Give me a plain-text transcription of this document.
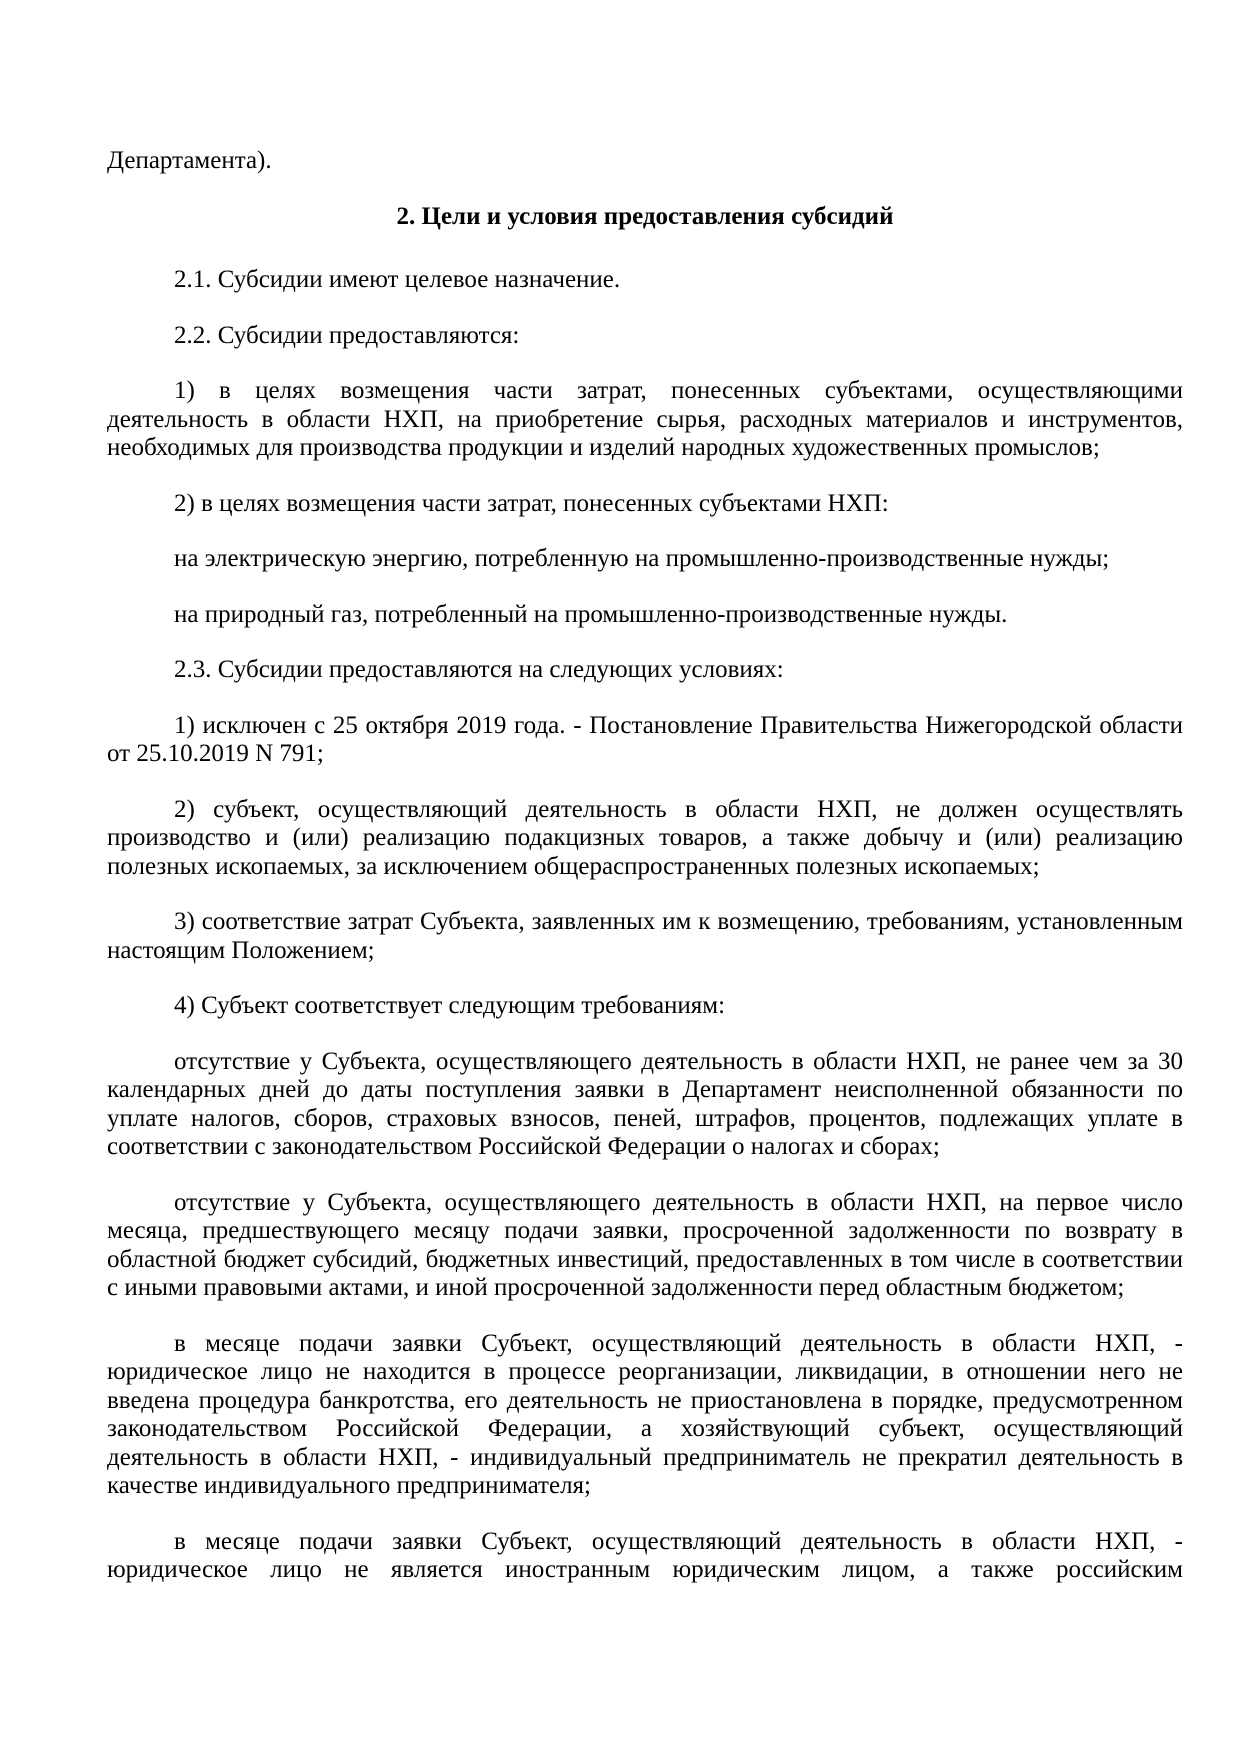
Департамента).

2. Цели и условия предоставления субсидий

2.1. Субсидии имеют целевое назначение.

2.2. Субсидии предоставляются:

1) в целях возмещения части затрат, понесенных субъектами, осуществляющими деятельность в области НХП, на приобретение сырья, расходных материалов и инструментов, необходимых для производства продукции и изделий народных художественных промыслов;

2) в целях возмещения части затрат, понесенных субъектами НХП:

на электрическую энергию, потребленную на промышленно-производственные нужды;

на природный газ, потребленный на промышленно-производственные нужды.

2.3. Субсидии предоставляются на следующих условиях:

1) исключен с 25 октября 2019 года. - Постановление Правительства Нижегородской области от 25.10.2019 N 791;

2) субъект, осуществляющий деятельность в области НХП, не должен осуществлять производство и (или) реализацию подакцизных товаров, а также добычу и (или) реализацию полезных ископаемых, за исключением общераспространенных полезных ископаемых;

3) соответствие затрат Субъекта, заявленных им к возмещению, требованиям, установленным настоящим Положением;

4) Субъект соответствует следующим требованиям:

отсутствие у Субъекта, осуществляющего деятельность в области НХП, не ранее чем за 30 календарных дней до даты поступления заявки в Департамент неисполненной обязанности по уплате налогов, сборов, страховых взносов, пеней, штрафов, процентов, подлежащих уплате в соответствии с законодательством Российской Федерации о налогах и сборах;

отсутствие у Субъекта, осуществляющего деятельность в области НХП, на первое число месяца, предшествующего месяцу подачи заявки, просроченной задолженности по возврату в областной бюджет субсидий, бюджетных инвестиций, предоставленных в том числе в соответствии с иными правовыми актами, и иной просроченной задолженности перед областным бюджетом;

в месяце подачи заявки Субъект, осуществляющий деятельность в области НХП, - юридическое лицо не находится в процессе реорганизации, ликвидации, в отношении него не введена процедура банкротства, его деятельность не приостановлена в порядке, предусмотренном законодательством Российской Федерации, а хозяйствующий субъект, осуществляющий деятельность в области НХП, - индивидуальный предприниматель не прекратил деятельность в качестве индивидуального предпринимателя;

в месяце подачи заявки Субъект, осуществляющий деятельность в области НХП, - юридическое лицо не является иностранным юридическим лицом, а также российским
